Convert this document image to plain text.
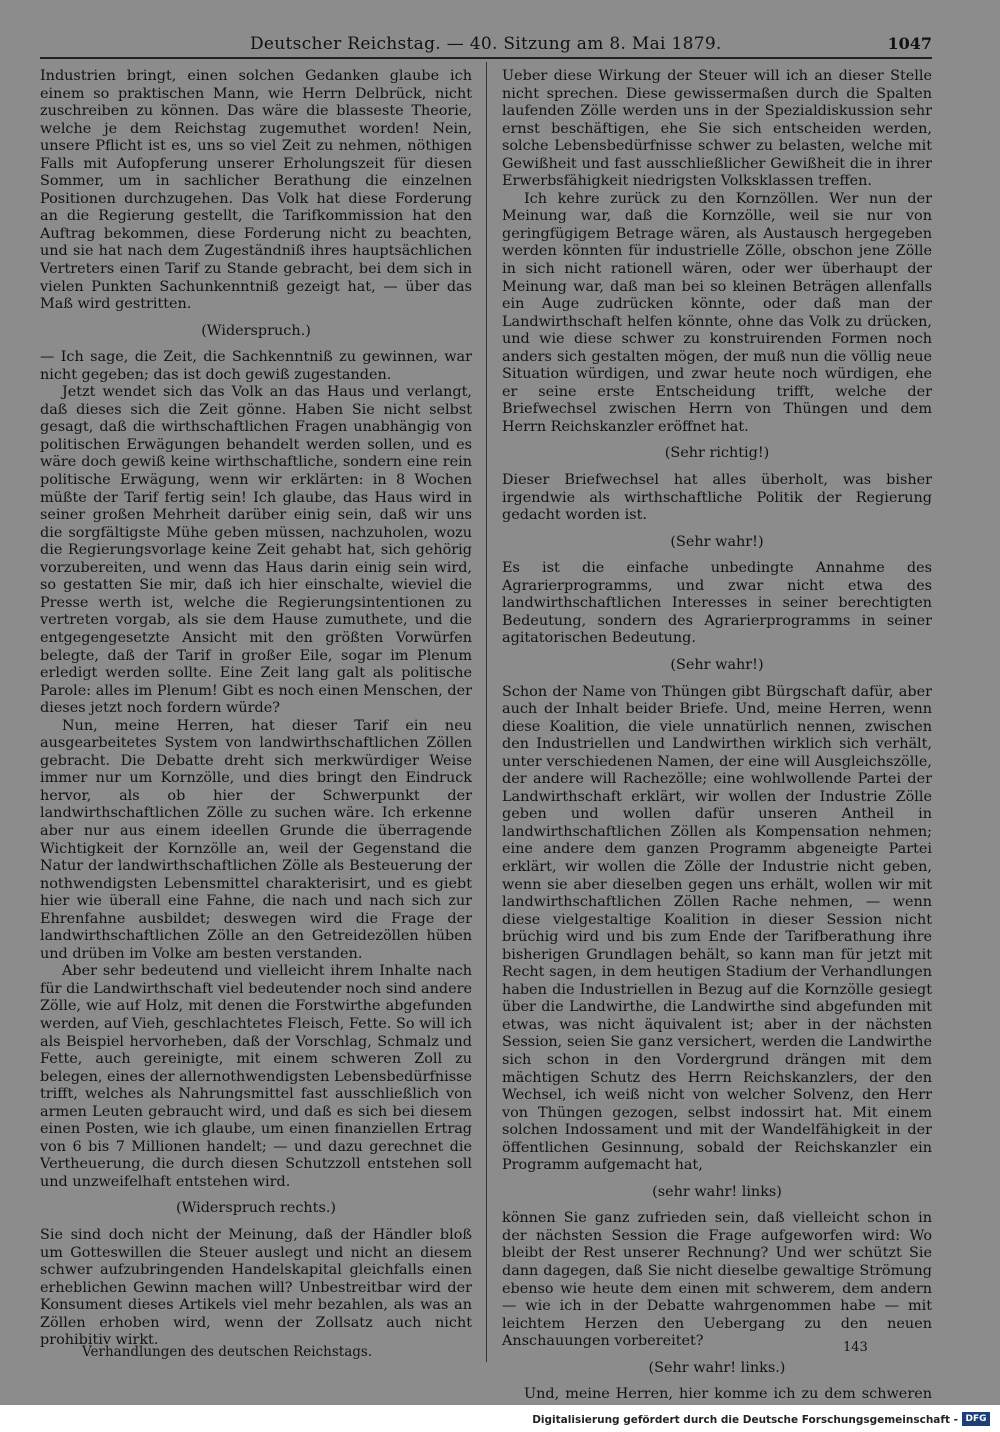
Deutscher Reichstag. — 40. Sitzung am 8. Mai 1879.	1047

Industrien bringt, einen solchen Gedanken glaube ich einem so praktischen Mann, wie Herrn Delbrück, nicht zuschreiben zu können. Das wäre die blasseste Theorie, welche je dem Reichstag zugemuthet worden! Nein, unsere Pflicht ist es, uns so viel Zeit zu nehmen, nöthigen Falls mit Aufopferung unserer Erholungszeit für diesen Sommer, um in sachlicher Berathung die einzelnen Positionen durchzugehen. Das Volk hat diese Forderung an die Regierung gestellt, die Tarifkommission hat den Auftrag bekommen, diese Forderung nicht zu beachten, und sie hat nach dem Zugeständniß ihres hauptsächlichen Vertreters einen Tarif zu Stande gebracht, bei dem sich in vielen Punkten Sachunkenntniß gezeigt hat, — über das Maß wird gestritten.

(Widerspruch.)

— Ich sage, die Zeit, die Sachkenntniß zu gewinnen, war nicht gegeben; das ist doch gewiß zugestanden.

Jetzt wendet sich das Volk an das Haus und verlangt, daß dieses sich die Zeit gönne. Haben Sie nicht selbst gesagt, daß die wirthschaftlichen Fragen unabhängig von politischen Erwägungen behandelt werden sollen, und es wäre doch gewiß keine wirthschaftliche, sondern eine rein politische Erwägung, wenn wir erklärten: in 8 Wochen müßte der Tarif fertig sein! Ich glaube, das Haus wird in seiner großen Mehrheit darüber einig sein, daß wir uns die sorgfältigste Mühe geben müssen, nachzuholen, wozu die Regierungsvorlage keine Zeit gehabt hat, sich gehörig vorzubereiten, und wenn das Haus darin einig sein wird, so gestatten Sie mir, daß ich hier einschalte, wieviel die Presse werth ist, welche die Regierungsintentionen zu vertreten vorgab, als sie dem Hause zumuthete, und die entgegengesetzte Ansicht mit den größten Vorwürfen belegte, daß der Tarif in großer Eile, sogar im Plenum erledigt werden sollte. Eine Zeit lang galt als politische Parole: alles im Plenum! Gibt es noch einen Menschen, der dieses jetzt noch fordern würde?

Nun, meine Herren, hat dieser Tarif ein neu ausgearbeitetes System von landwirthschaftlichen Zöllen gebracht. Die Debatte dreht sich merkwürdiger Weise immer nur um Kornzölle, und dies bringt den Eindruck hervor, als ob hier der Schwerpunkt der landwirthschaftlichen Zölle zu suchen wäre. Ich erkenne aber nur aus einem ideellen Grunde die überragende Wichtigkeit der Kornzölle an, weil der Gegenstand die Natur der landwirthschaftlichen Zölle als Besteuerung der nothwendigsten Lebensmittel charakterisirt, und es giebt hier wie überall eine Fahne, die nach und nach sich zur Ehrenfahne ausbildet; deswegen wird die Frage der landwirthschaftlichen Zölle an den Getreidezöllen hüben und drüben im Volke am besten verstanden.

Aber sehr bedeutend und vielleicht ihrem Inhalte nach für die Landwirthschaft viel bedeutender noch sind andere Zölle, wie auf Holz, mit denen die Forstwirthe abgefunden werden, auf Vieh, geschlachtetes Fleisch, Fette. So will ich als Beispiel hervorheben, daß der Vorschlag, Schmalz und Fette, auch gereinigte, mit einem schweren Zoll zu belegen, eines der allernothwendigsten Lebensbedürfnisse trifft, welches als Nahrungsmittel fast ausschließlich von armen Leuten gebraucht wird, und daß es sich bei diesem einen Posten, wie ich glaube, um einen finanziellen Ertrag von 6 bis 7 Millionen handelt; — und dazu gerechnet die Vertheuerung, die durch diesen Schutzzoll entstehen soll und unzweifelhaft entstehen wird.

(Widerspruch rechts.)

Sie sind doch nicht der Meinung, daß der Händler bloß um Gotteswillen die Steuer auslegt und nicht an diesem schwer aufzubringenden Handelskapital gleichfalls einen erheblichen Gewinn machen will? Unbestreitbar wird der Konsument dieses Artikels viel mehr bezahlen, als was an Zöllen erhoben wird, wenn der Zollsatz auch nicht prohibitiv wirkt.

Ueber diese Wirkung der Steuer will ich an dieser Stelle nicht sprechen. Diese gewissermaßen durch die Spalten laufenden Zölle werden uns in der Spezialdiskussion sehr ernst beschäftigen, ehe Sie sich entscheiden werden, solche Lebensbedürfnisse schwer zu belasten, welche mit Gewißheit und fast ausschließlicher Gewißheit die in ihrer Erwerbsfähigkeit niedrigsten Volksklassen treffen.

Ich kehre zurück zu den Kornzöllen. Wer nun der Meinung war, daß die Kornzölle, weil sie nur von geringfügigem Betrage wären, als Austausch hergegeben werden könnten für industrielle Zölle, obschon jene Zölle in sich nicht rationell wären, oder wer überhaupt der Meinung war, daß man bei so kleinen Beträgen allenfalls ein Auge zudrücken könnte, oder daß man der Landwirthschaft helfen könnte, ohne das Volk zu drücken, und wie diese schwer zu konstruirenden Formen noch anders sich gestalten mögen, der muß nun die völlig neue Situation würdigen, und zwar heute noch würdigen, ehe er seine erste Entscheidung trifft, welche der Briefwechsel zwischen Herrn von Thüngen und dem Herrn Reichskanzler eröffnet hat.

(Sehr richtig!)

Dieser Briefwechsel hat alles überholt, was bisher irgendwie als wirthschaftliche Politik der Regierung gedacht worden ist.

(Sehr wahr!)

Es ist die einfache unbedingte Annahme des Agrarierprogramms, und zwar nicht etwa des landwirthschaftlichen Interesses in seiner berechtigten Bedeutung, sondern des Agrarierprogramms in seiner agitatorischen Bedeutung.

(Sehr wahr!)

Schon der Name von Thüngen gibt Bürgschaft dafür, aber auch der Inhalt beider Briefe. Und, meine Herren, wenn diese Koalition, die viele unnatürlich nennen, zwischen den Industriellen und Landwirthen wirklich sich verhält, unter verschiedenen Namen, der eine will Ausgleichszölle, der andere will Rachezölle; eine wohlwollende Partei der Landwirthschaft erklärt, wir wollen der Industrie Zölle geben und wollen dafür unseren Antheil in landwirthschaftlichen Zöllen als Kompensation nehmen; eine andere dem ganzen Programm abgeneigte Partei erklärt, wir wollen die Zölle der Industrie nicht geben, wenn sie aber dieselben gegen uns erhält, wollen wir mit landwirthschaftlichen Zöllen Rache nehmen, — wenn diese vielgestaltige Koalition in dieser Session nicht brüchig wird und bis zum Ende der Tarifberathung ihre bisherigen Grundlagen behält, so kann man für jetzt mit Recht sagen, in dem heutigen Stadium der Verhandlungen haben die Industriellen in Bezug auf die Kornzölle gesiegt über die Landwirthe, die Landwirthe sind abgefunden mit etwas, was nicht äquivalent ist; aber in der nächsten Session, seien Sie ganz versichert, werden die Landwirthe sich schon in den Vordergrund drängen mit dem mächtigen Schutz des Herrn Reichskanzlers, der den Wechsel, ich weiß nicht von welcher Solvenz, den Herr von Thüngen gezogen, selbst indossirt hat. Mit einem solchen Indossament und mit der Wandelfähigkeit in der öffentlichen Gesinnung, sobald der Reichskanzler ein Programm aufgemacht hat,

(sehr wahr! links)

können Sie ganz zufrieden sein, daß vielleicht schon in der nächsten Session die Frage aufgeworfen wird: Wo bleibt der Rest unserer Rechnung? Und wer schützt Sie dann dagegen, daß Sie nicht dieselbe gewaltige Strömung ebenso wie heute dem einen mit schwerem, dem andern — wie ich in der Debatte wahrgenommen habe — mit leichtem Herzen den Uebergang zu den neuen Anschauungen vorbereitet?

(Sehr wahr! links.)

Und, meine Herren, hier komme ich zu dem schweren

Verhandlungen des deutschen Reichstags.	143
Digitalisierung gefördert durch die Deutsche Forschungsgemeinschaft - DFG
